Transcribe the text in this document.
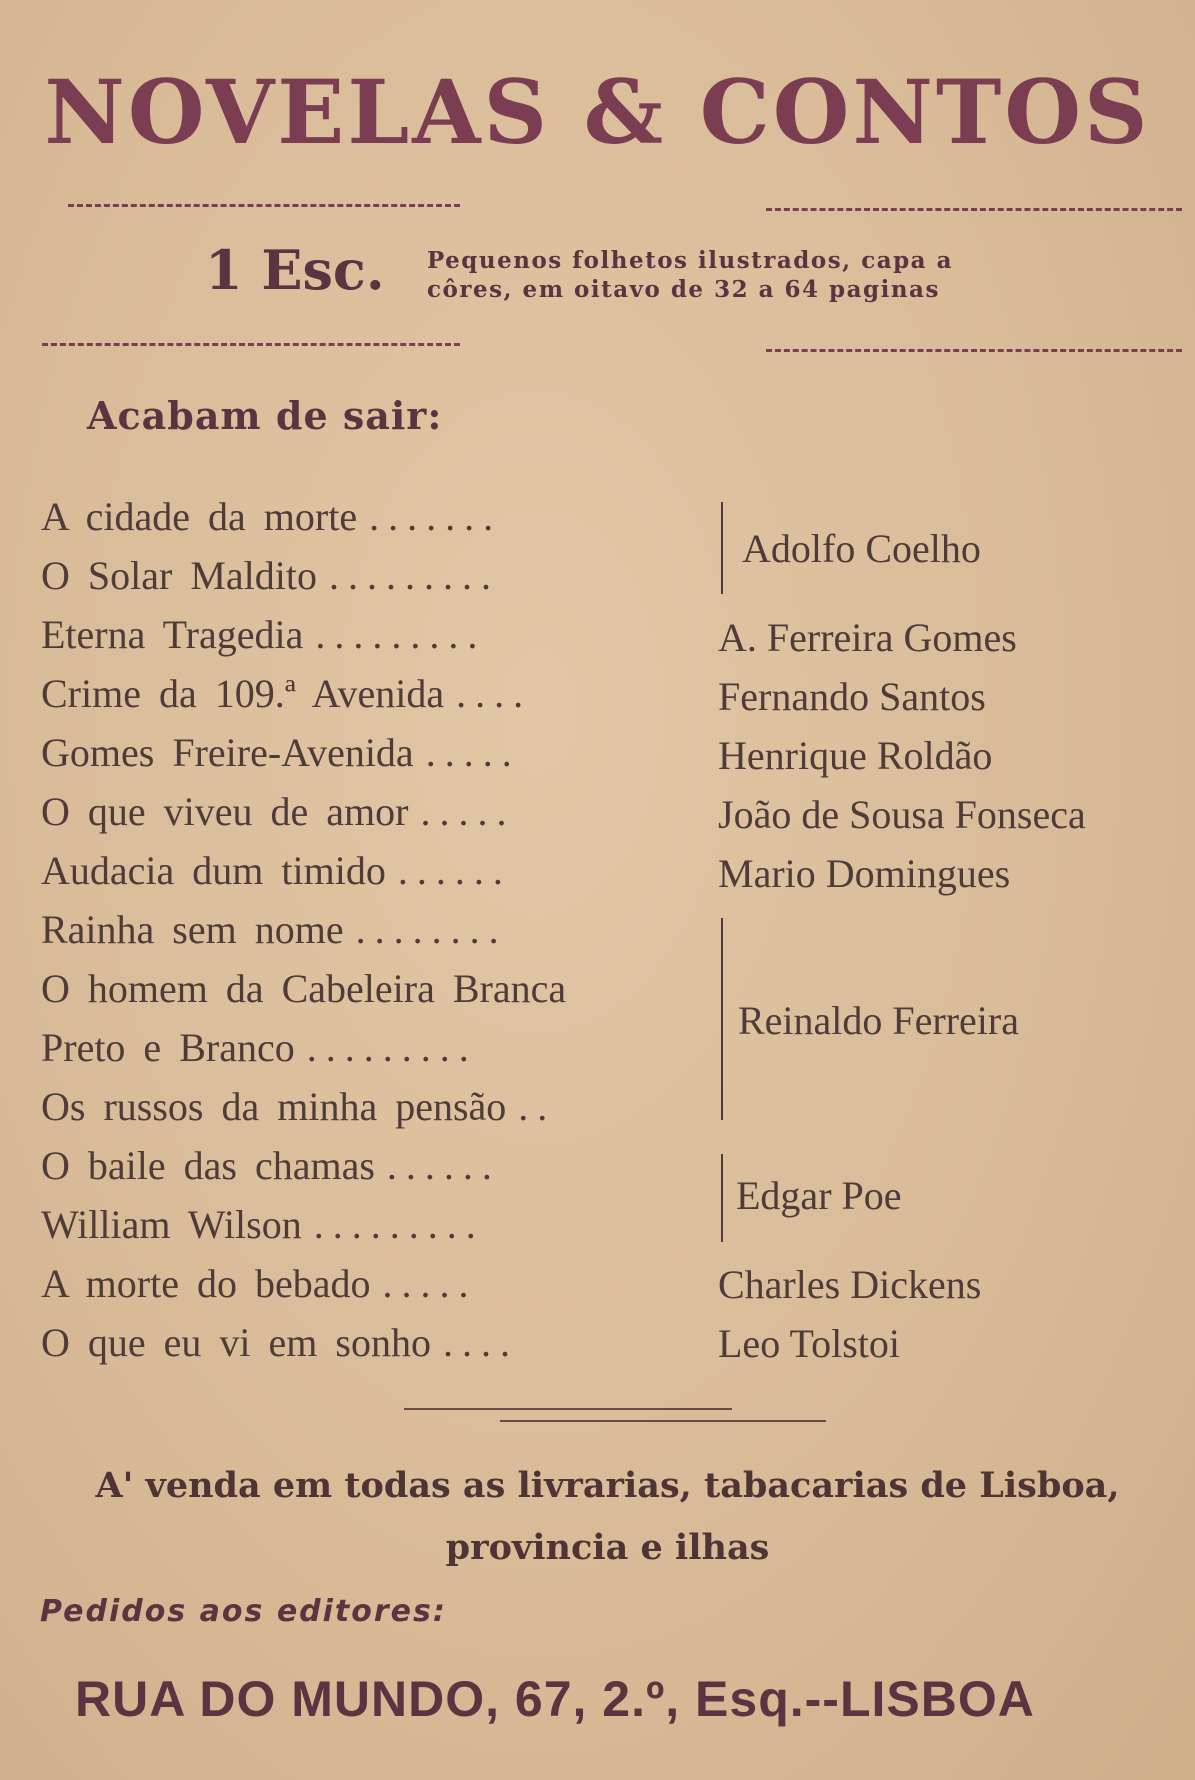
NOVELAS & CONTOS
1 Esc. Pequenos folhetos ilustrados, capa a côres, em oitavo de 32 a 64 paginas
Acabam de sair:
A cidade da morte .......
O Solar Maldito .........
Eterna Tragedia .........
Crime da 109.ª Avenida ....
Gomes Freire-Avenida .....
O que viveu de amor .....
Audacia dum timido ......
Rainha sem nome ........
O homem da Cabeleira Branca
Preto e Branco .........
Os russos da minha pensão ..
O baile das chamas ......
William Wilson .........
A morte do bebado .....
O que eu vi em sonho ....
Adolfo Coelho
A. Ferreira Gomes
Fernando Santos
Henrique Roldão
João de Sousa Fonseca
Mario Domingues
Reinaldo Ferreira
Edgar Poe
Charles Dickens
Leo Tolstoi
A' venda em todas as livrarias, tabacarias de Lisboa,
provincia e ilhas
Pedidos aos editores:
RUA DO MUNDO, 67, 2.º, Esq.--LISBOA
